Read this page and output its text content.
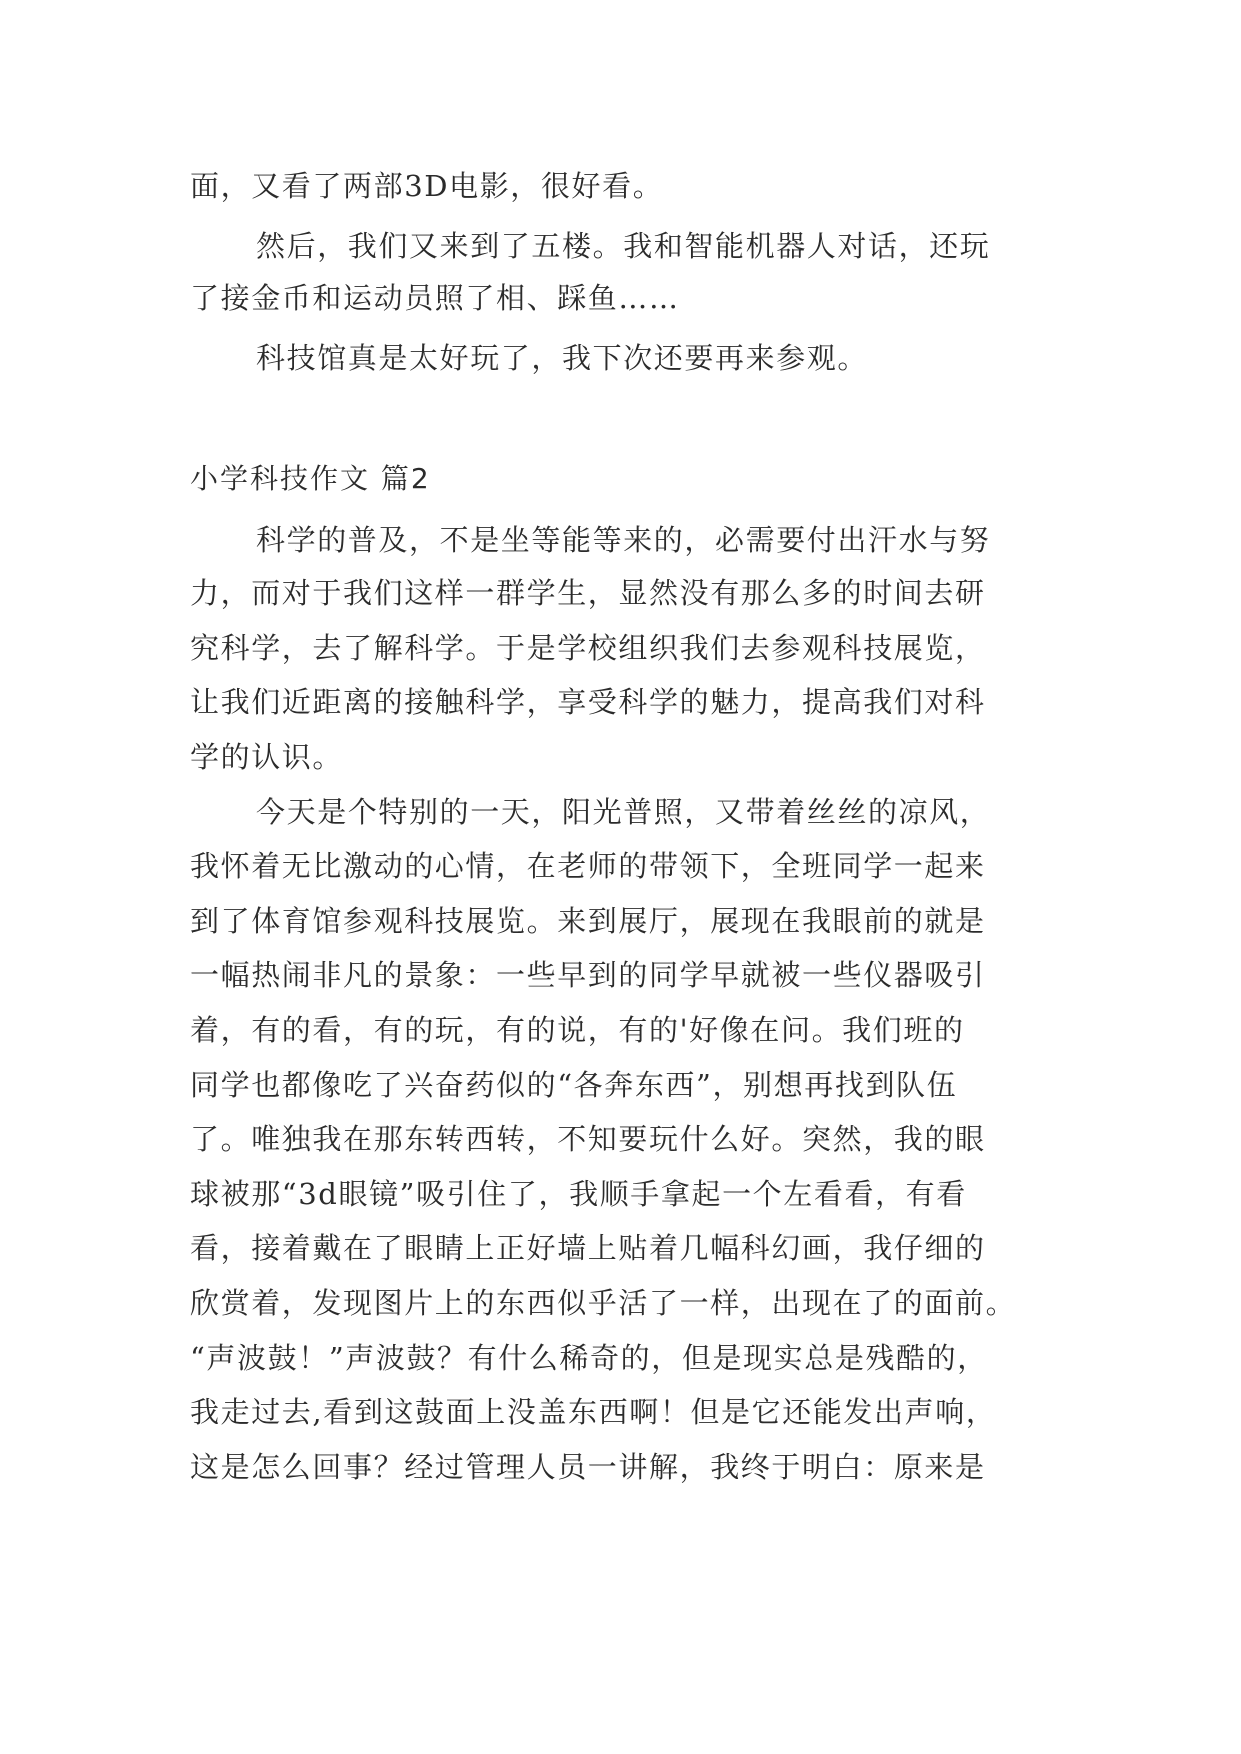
面，又看了两部3D电影，很好看。
然后，我们又来到了五楼。我和智能机器人对话，还玩
了接金币和运动员照了相、踩鱼……
科技馆真是太好玩了，我下次还要再来参观。
小学科技作文 篇2
科学的普及，不是坐等能等来的，必需要付出汗水与努
力，而对于我们这样一群学生，显然没有那么多的时间去研
究科学，去了解科学。于是学校组织我们去参观科技展览，
让我们近距离的接触科学，享受科学的魅力，提高我们对科
学的认识。
今天是个特别的一天，阳光普照，又带着丝丝的凉风，
我怀着无比激动的心情，在老师的带领下，全班同学一起来
到了体育馆参观科技展览。来到展厅，展现在我眼前的就是
一幅热闹非凡的景象：一些早到的同学早就被一些仪器吸引
着，有的看，有的玩，有的说，有的'好像在问。我们班的
同学也都像吃了兴奋药似的“各奔东西”，别想再找到队伍
了。唯独我在那东转西转，不知要玩什么好。突然，我的眼
球被那“3d眼镜”吸引住了，我顺手拿起一个左看看，有看
看，接着戴在了眼睛上正好墙上贴着几幅科幻画，我仔细的
欣赏着，发现图片上的东西似乎活了一样，出现在了的面前。
“声波鼓！”声波鼓？有什么稀奇的，但是现实总是残酷的，
我走过去,看到这鼓面上没盖东西啊！但是它还能发出声响，
这是怎么回事？经过管理人员一讲解，我终于明白：原来是
